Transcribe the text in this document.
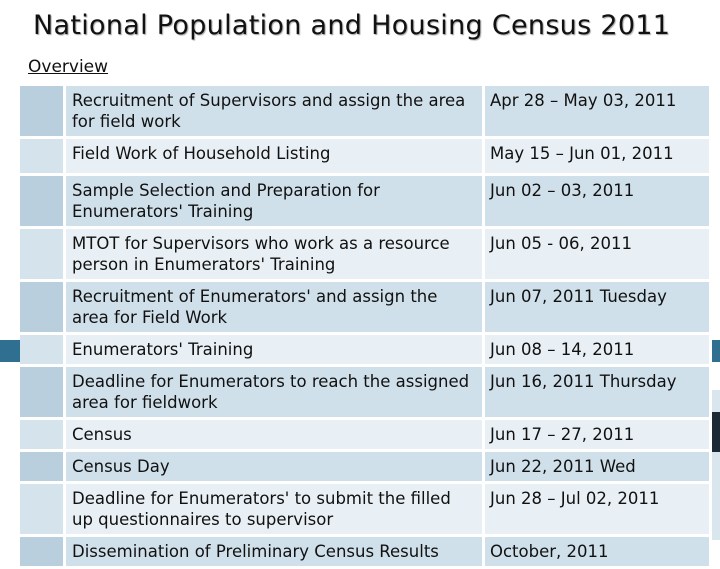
National Population and Housing Census 2011
Overview
	Recruitment of Supervisors and assign the area for field work	Apr 28 – May 03, 2011
	Field Work of Household Listing	May 15 – Jun 01, 2011
	Sample Selection and Preparation for Enumerators' Training	Jun 02 – 03, 2011
	MTOT for Supervisors who work as a resource person in Enumerators' Training	Jun 05 - 06, 2011
	Recruitment of Enumerators' and assign the area for Field Work	Jun 07, 2011 Tuesday
	Enumerators' Training	Jun 08 – 14, 2011
	Deadline for Enumerators to reach the assigned area for fieldwork	Jun 16, 2011 Thursday
	Census	Jun 17 – 27, 2011
	Census Day	Jun 22, 2011 Wed
	Deadline for Enumerators' to submit the filled up questionnaires to supervisor	Jun 28 – Jul 02, 2011
	Dissemination of Preliminary Census Results	October, 2011
